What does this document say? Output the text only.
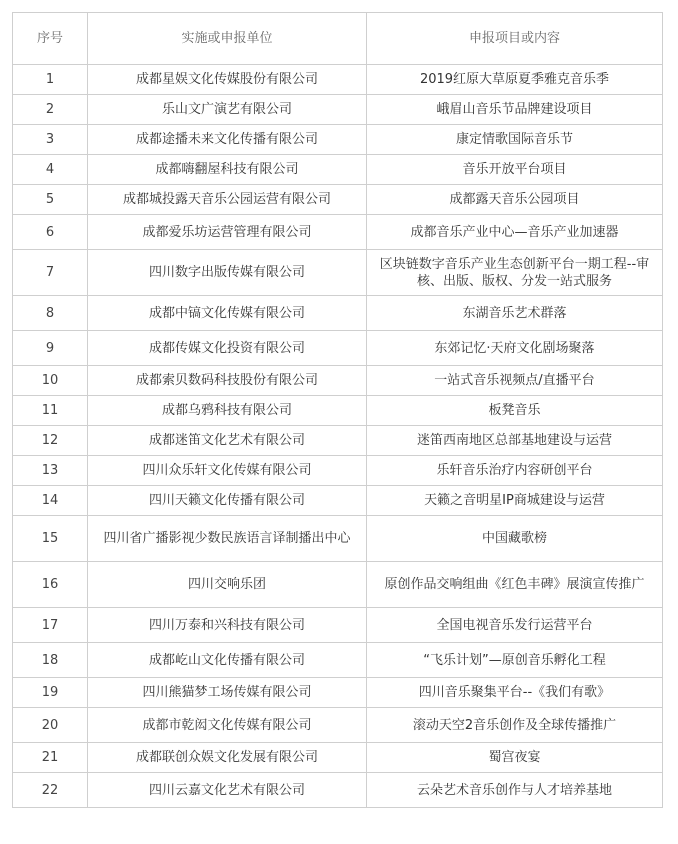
序号	实施或申报单位	申报项目或内容
1	成都星娱文化传媒股份有限公司	2019红原大草原夏季雅克音乐季
2	乐山文广演艺有限公司	峨眉山音乐节品牌建设项目
3	成都途播未来文化传播有限公司	康定情歌国际音乐节
4	成都嗨翻屋科技有限公司	音乐开放平台项目
5	成都城投露天音乐公园运营有限公司	成都露天音乐公园项目
6	成都爱乐坊运营管理有限公司	成都音乐产业中心—音乐产业加速器
7	四川数字出版传媒有限公司	区块链数字音乐产业生态创新平台一期工程--审核、出版、版权、分发一站式服务
8	成都中镐文化传媒有限公司	东湖音乐艺术群落
9	成都传媒文化投资有限公司	东郊记忆·天府文化剧场聚落
10	成都索贝数码科技股份有限公司	一站式音乐视频点/直播平台
11	成都乌鸦科技有限公司	板凳音乐
12	成都迷笛文化艺术有限公司	迷笛西南地区总部基地建设与运营
13	四川众乐轩文化传媒有限公司	乐轩音乐治疗内容研创平台
14	四川天籁文化传播有限公司	天籁之音明星IP商城建设与运营
15	四川省广播影视少数民族语言译制播出中心	中国藏歌榜
16	四川交响乐团	原创作品交响组曲《红色丰碑》展演宣传推广
17	四川万泰和兴科技有限公司	全国电视音乐发行运营平台
18	成都屹山文化传播有限公司	“飞乐计划”—原创音乐孵化工程
19	四川熊猫梦工场传媒有限公司	四川音乐聚集平台--《我们有歌》
20	成都市乾闳文化传媒有限公司	滚动天空2音乐创作及全球传播推广
21	成都联创众娱文化发展有限公司	蜀宫夜宴
22	四川云嘉文化艺术有限公司	云朵艺术音乐创作与人才培养基地
